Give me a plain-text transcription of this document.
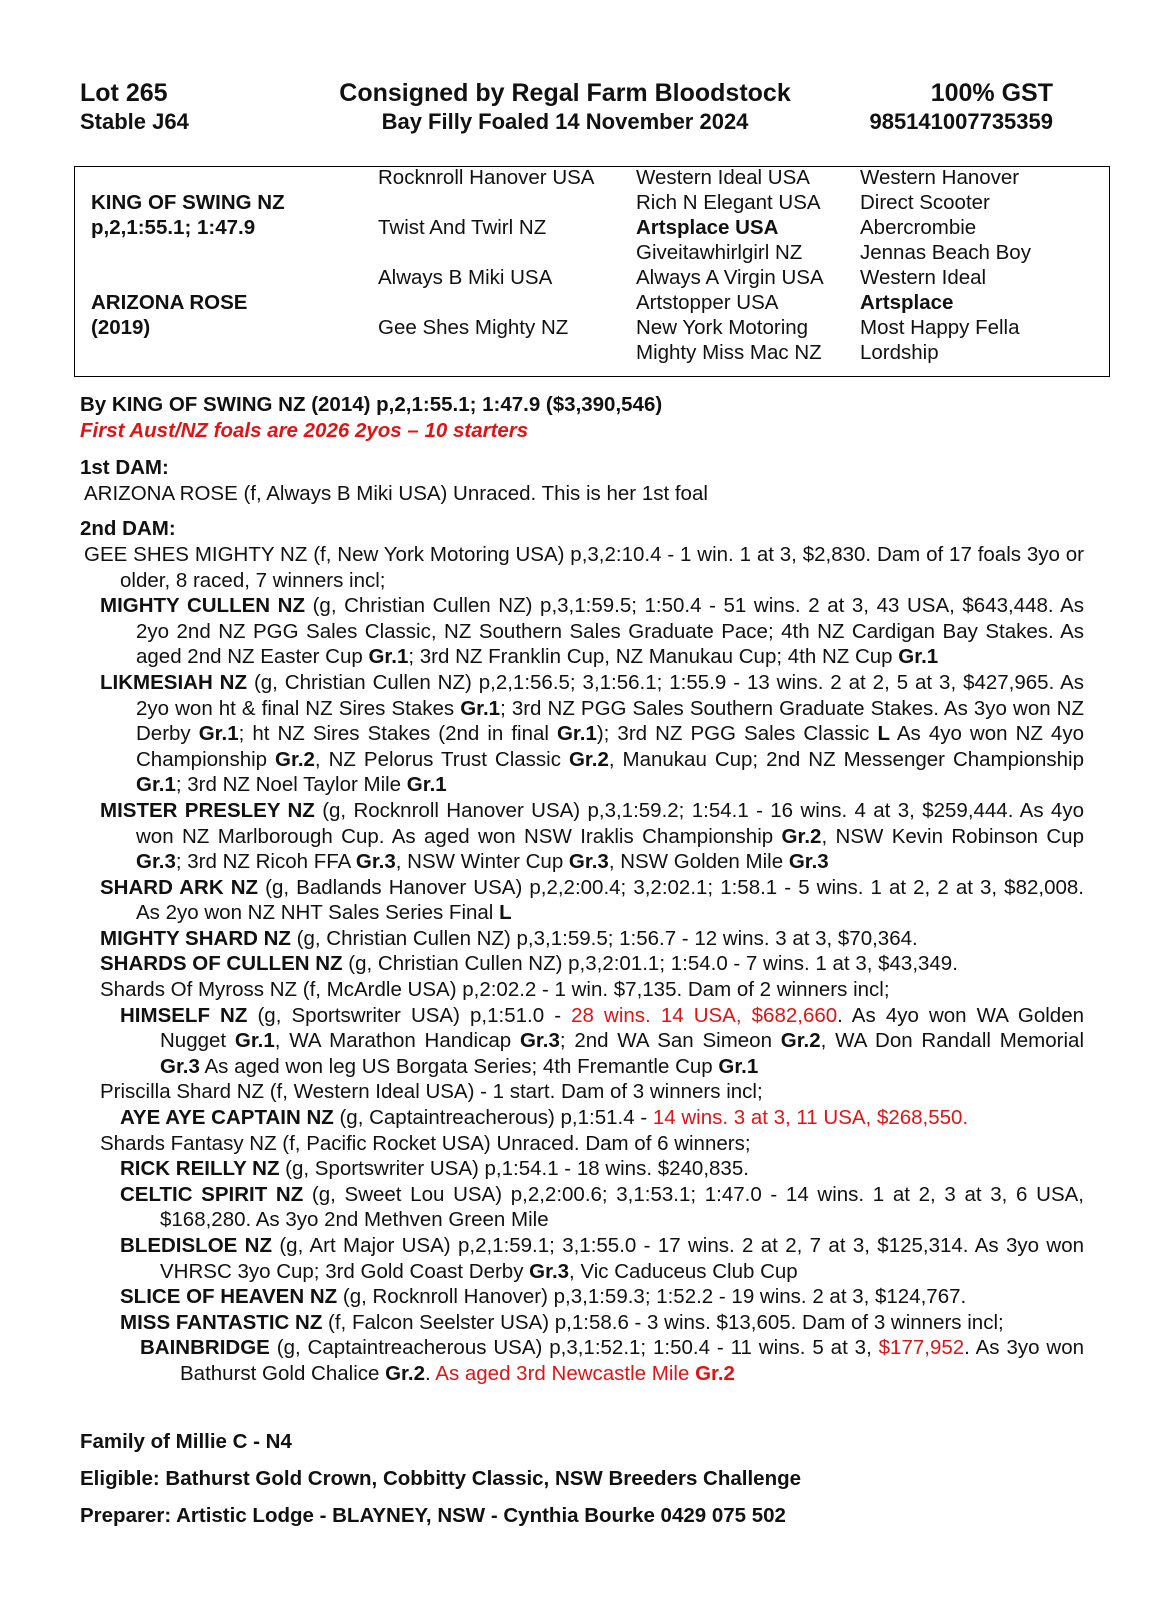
Lot 265
Stable J64
Consigned by Regal Farm Bloodstock
Bay Filly Foaled 14 November 2024
100% GST
985141007735359
KING OF SWING NZ
p,2,1:55.1; 1:47.9
ARIZONA ROSE
(2019)
Rocknroll Hanover USA
Twist And Twirl NZ
Always B Miki USA
Gee Shes Mighty NZ
Western Ideal USA
Rich N Elegant USA
Artsplace USA
Giveitawhirlgirl NZ
Always A Virgin USA
Artstopper USA
New York Motoring
Mighty Miss Mac NZ
Western Hanover
Direct Scooter
Abercrombie
Jennas Beach Boy
Western Ideal
Artsplace
Most Happy Fella
Lordship
By KING OF SWING NZ (2014) p,2,1:55.1; 1:47.9 ($3,390,546)
First Aust/NZ foals are 2026 2yos – 10 starters
1st DAM:
ARIZONA ROSE (f, Always B Miki USA) Unraced. This is her 1st foal
2nd DAM:
GEE SHES MIGHTY NZ (f, New York Motoring USA) p,3,2:10.4 - 1 win. 1 at 3, $2,830. Dam of 17 foals 3yo or older, 8 raced, 7 winners incl;
MIGHTY CULLEN NZ (g, Christian Cullen NZ) p,3,1:59.5; 1:50.4 - 51 wins. 2 at 3, 43 USA, $643,448. As 2yo 2nd NZ PGG Sales Classic, NZ Southern Sales Graduate Pace; 4th NZ Cardigan Bay Stakes. As aged 2nd NZ Easter Cup Gr.1; 3rd NZ Franklin Cup, NZ Manukau Cup; 4th NZ Cup Gr.1
LIKMESIAH NZ (g, Christian Cullen NZ) p,2,1:56.5; 3,1:56.1; 1:55.9 - 13 wins. 2 at 2, 5 at 3, $427,965. As 2yo won ht & final NZ Sires Stakes Gr.1; 3rd NZ PGG Sales Southern Graduate Stakes. As 3yo won NZ Derby Gr.1; ht NZ Sires Stakes (2nd in final Gr.1); 3rd NZ PGG Sales Classic L As 4yo won NZ 4yo Championship Gr.2, NZ Pelorus Trust Classic Gr.2, Manukau Cup; 2nd NZ Messenger Championship Gr.1; 3rd NZ Noel Taylor Mile Gr.1
MISTER PRESLEY NZ (g, Rocknroll Hanover USA) p,3,1:59.2; 1:54.1 - 16 wins. 4 at 3, $259,444. As 4yo won NZ Marlborough Cup. As aged won NSW Iraklis Championship Gr.2, NSW Kevin Robinson Cup Gr.3; 3rd NZ Ricoh FFA Gr.3, NSW Winter Cup Gr.3, NSW Golden Mile Gr.3
SHARD ARK NZ (g, Badlands Hanover USA) p,2,2:00.4; 3,2:02.1; 1:58.1 - 5 wins. 1 at 2, 2 at 3, $82,008. As 2yo won NZ NHT Sales Series Final L
MIGHTY SHARD NZ (g, Christian Cullen NZ) p,3,1:59.5; 1:56.7 - 12 wins. 3 at 3, $70,364.
SHARDS OF CULLEN NZ (g, Christian Cullen NZ) p,3,2:01.1; 1:54.0 - 7 wins. 1 at 3, $43,349.
Shards Of Myross NZ (f, McArdle USA) p,2:02.2 - 1 win. $7,135. Dam of 2 winners incl;
HIMSELF NZ (g, Sportswriter USA) p,1:51.0 - 28 wins. 14 USA, $682,660. As 4yo won WA Golden Nugget Gr.1, WA Marathon Handicap Gr.3; 2nd WA San Simeon Gr.2, WA Don Randall Memorial Gr.3 As aged won leg US Borgata Series; 4th Fremantle Cup Gr.1
Priscilla Shard NZ (f, Western Ideal USA) - 1 start. Dam of 3 winners incl;
AYE AYE CAPTAIN NZ (g, Captaintreacherous) p,1:51.4 - 14 wins. 3 at 3, 11 USA, $268,550.
Shards Fantasy NZ (f, Pacific Rocket USA) Unraced. Dam of 6 winners;
RICK REILLY NZ (g, Sportswriter USA) p,1:54.1 - 18 wins. $240,835.
CELTIC SPIRIT NZ (g, Sweet Lou USA) p,2,2:00.6; 3,1:53.1; 1:47.0 - 14 wins. 1 at 2, 3 at 3, 6 USA, $168,280. As 3yo 2nd Methven Green Mile
BLEDISLOE NZ (g, Art Major USA) p,2,1:59.1; 3,1:55.0 - 17 wins. 2 at 2, 7 at 3, $125,314. As 3yo won VHRSC 3yo Cup; 3rd Gold Coast Derby Gr.3, Vic Caduceus Club Cup
SLICE OF HEAVEN NZ (g, Rocknroll Hanover) p,3,1:59.3; 1:52.2 - 19 wins. 2 at 3, $124,767.
MISS FANTASTIC NZ (f, Falcon Seelster USA) p,1:58.6 - 3 wins. $13,605. Dam of 3 winners incl;
BAINBRIDGE (g, Captaintreacherous USA) p,3,1:52.1; 1:50.4 - 11 wins. 5 at 3, $177,952. As 3yo won Bathurst Gold Chalice Gr.2. As aged 3rd Newcastle Mile Gr.2
Family of Millie C - N4
Eligible: Bathurst Gold Crown, Cobbitty Classic, NSW Breeders Challenge
Preparer: Artistic Lodge - BLAYNEY, NSW - Cynthia Bourke 0429 075 502
